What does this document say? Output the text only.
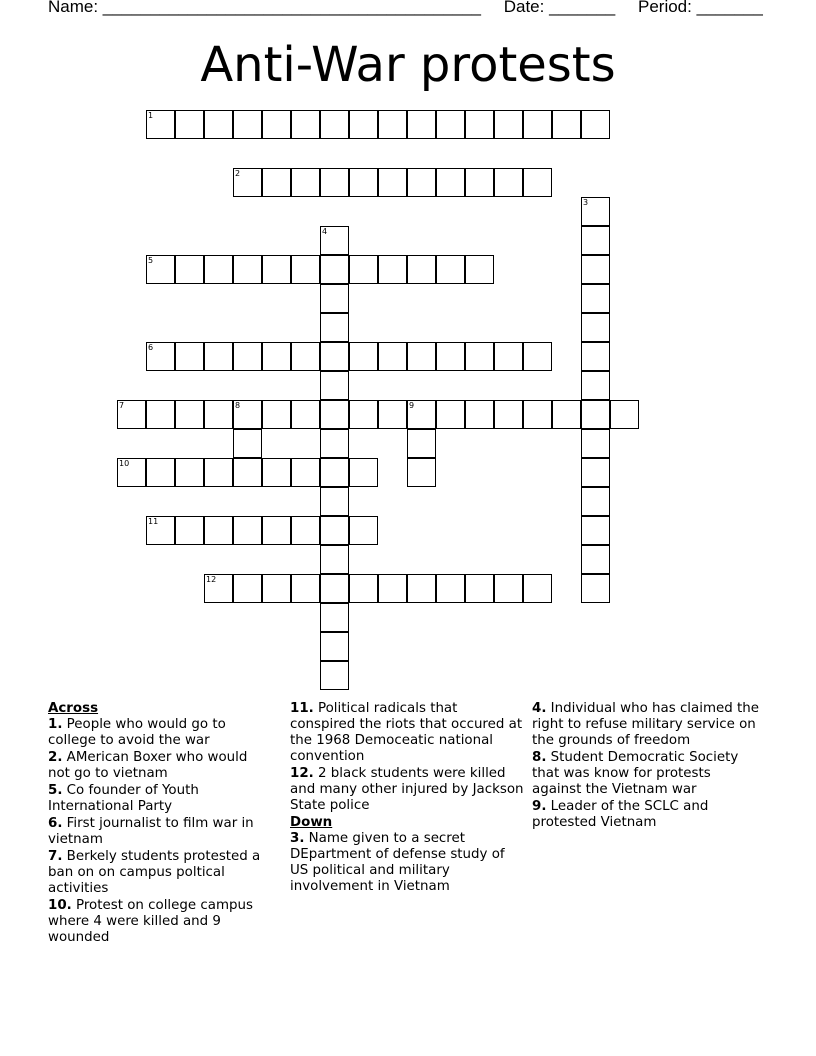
Name: ________________________________________ Date: _______ Period: _______
Anti-War protests
1
2
5
6
7	8	9
10
11
12
3
4
Across
1. People who would go to college to avoid the war
2. AMerican Boxer who would not go to vietnam
5. Co founder of Youth International Party
6. First journalist to film war in vietnam
7. Berkely students protested a ban on on campus poltical activities
10. Protest on college campus where 4 were killed and 9 wounded
11. Political radicals that conspired the riots that occured at the 1968 Democeatic national convention
12. 2 black students were killed and many other injured by Jackson State police
Down
3. Name given to a secret DEpartment of defense study of US political and military involvement in Vietnam
4. Individual who has claimed the right to refuse military service on the grounds of freedom
8. Student Democratic Society that was know for protests against the Vietnam war
9. Leader of the SCLC and protested Vietnam
